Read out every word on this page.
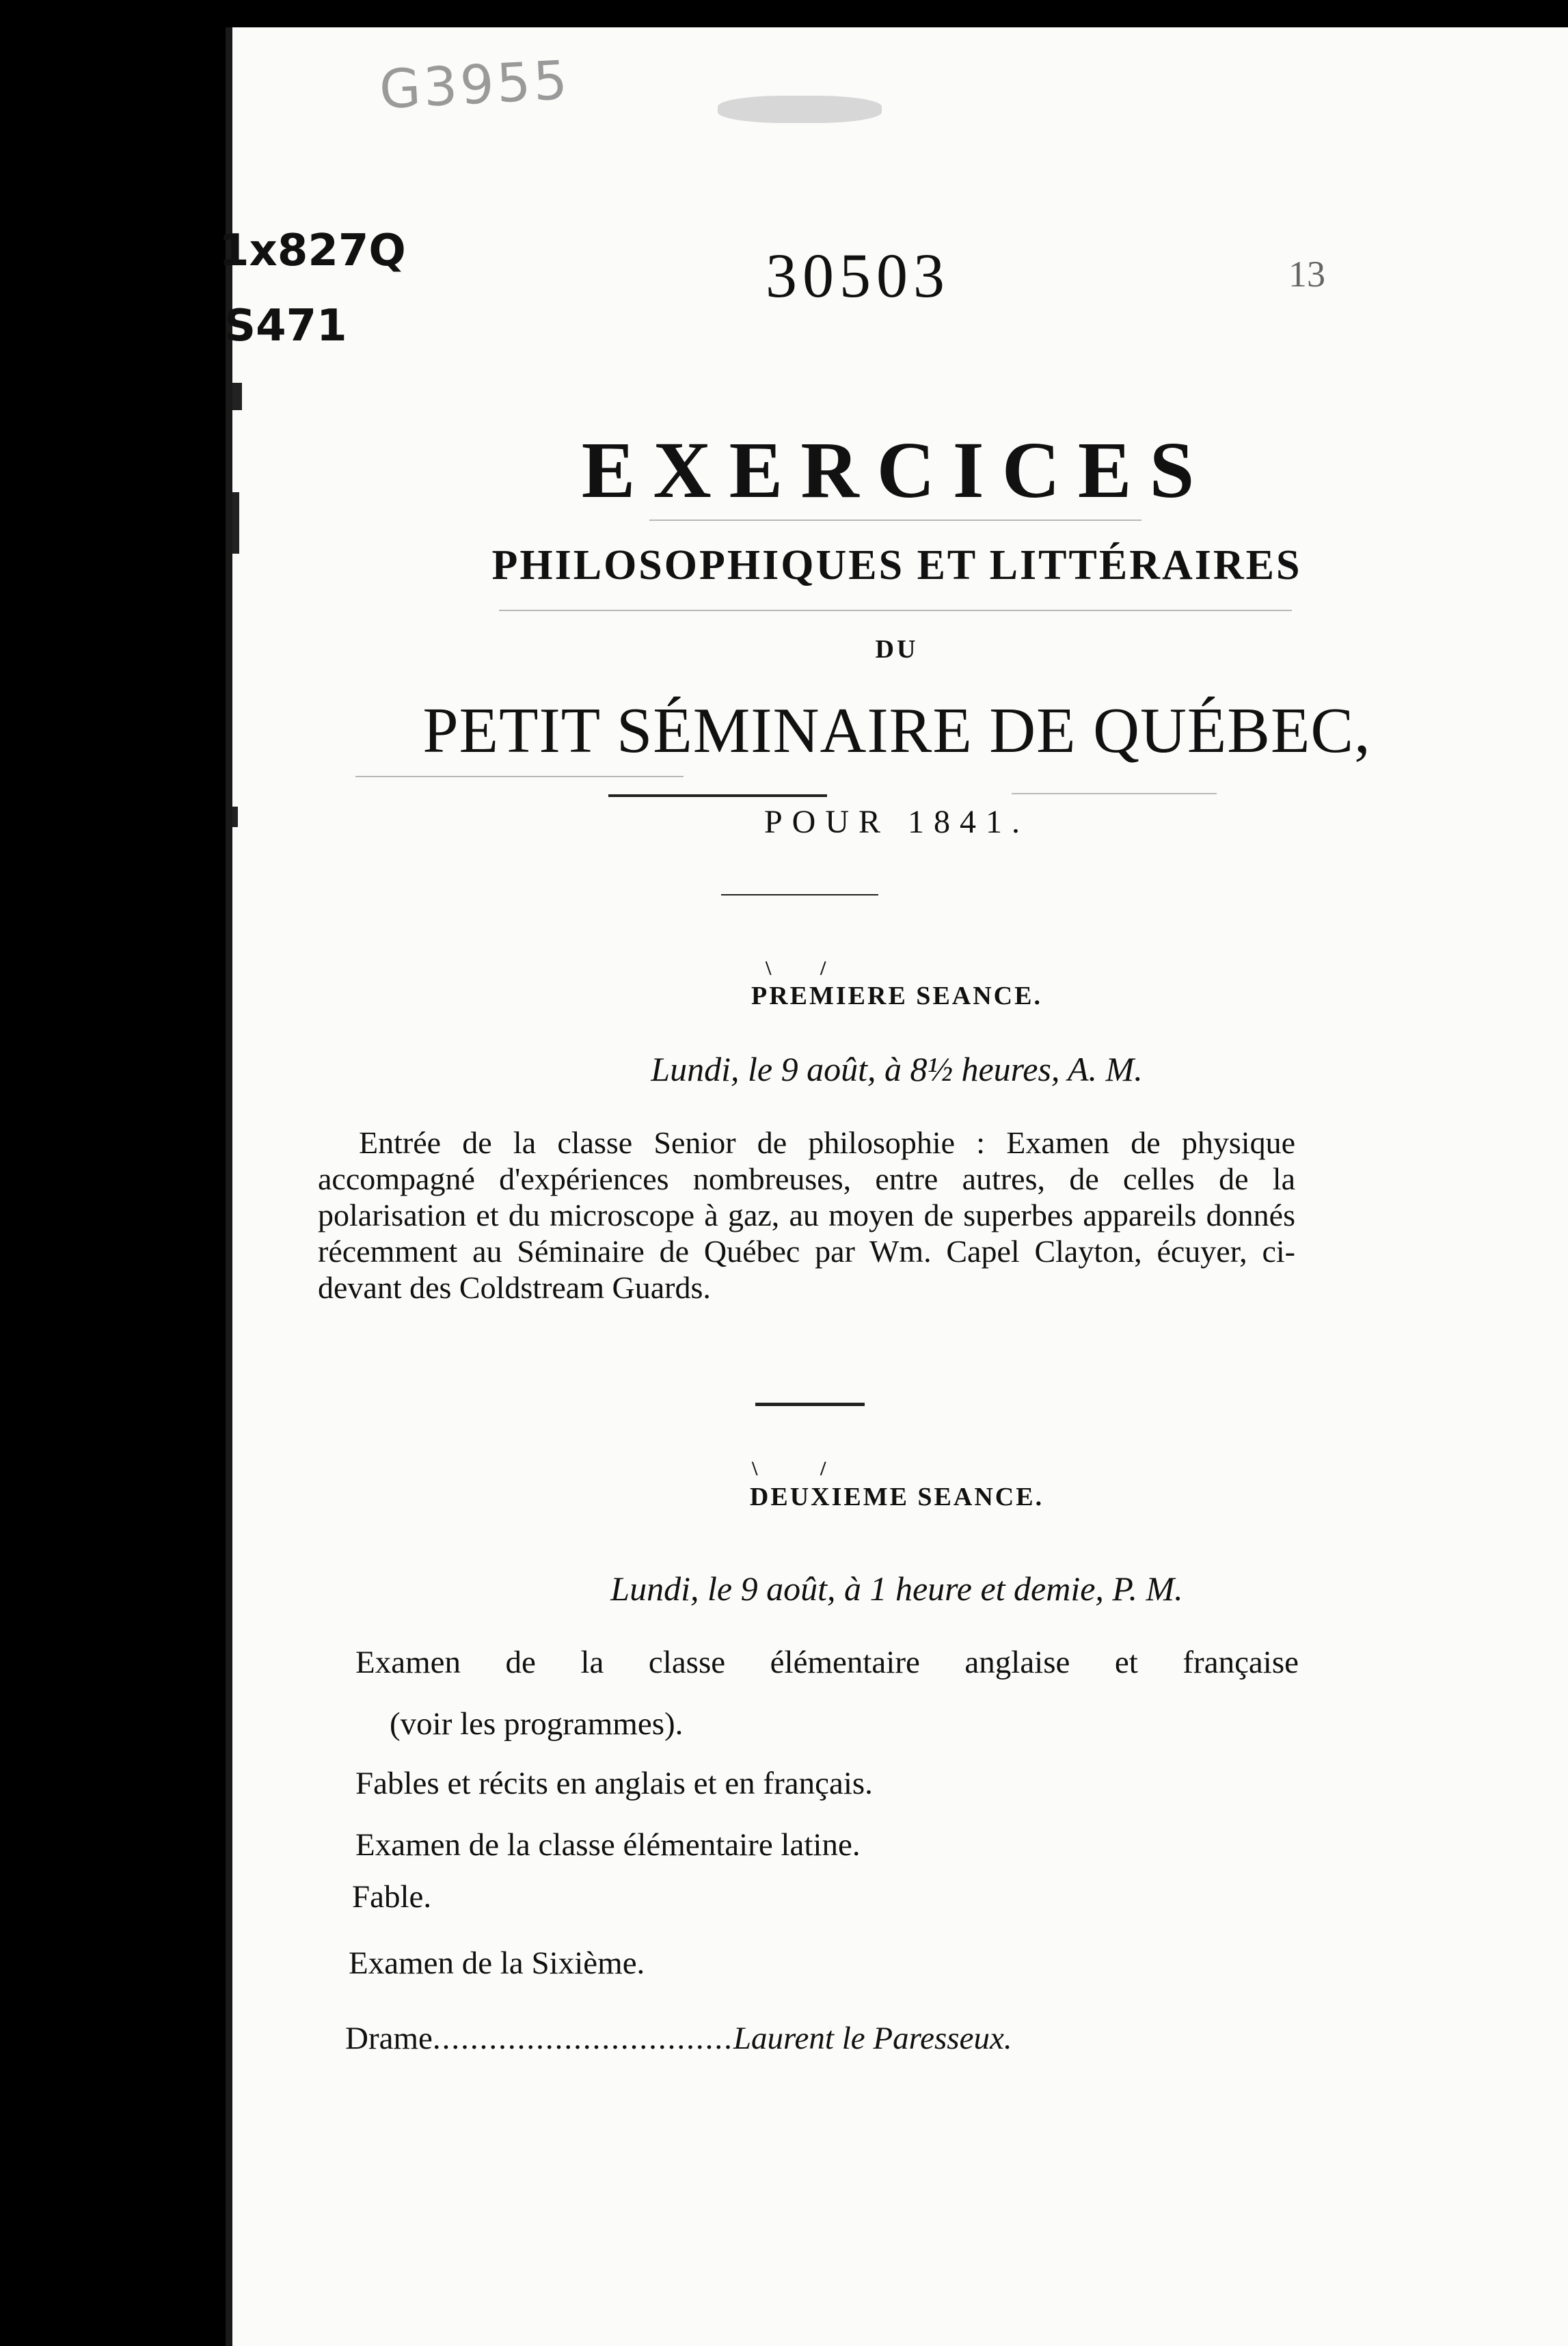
G3955
1x827Q
S471
30503	13
EXERCICES
PHILOSOPHIQUES ET LITTÉRAIRES
DU
PETIT SÉMINAIRE DE QUÉBEC,
POUR 1841.
\ /
PREMIERE SEANCE.
Lundi, le 9 août, à 8½ heures, A. M.
Entrée de la classe Senior de philosophie : Examen de physique accompagné d'expériences nombreuses, entre autres, de celles de la polarisation et du microscope à gaz, au moyen de superbes appareils donnés récemment au Séminaire de Québec par Wm. Capel Clayton, écuyer, ci-devant des Coldstream Guards.
\	/
DEUXIEME SEANCE.
Lundi, le 9 août, à 1 heure et demie, P. M.
Examen de la classe élémentaire anglaise et française
(voir les programmes).
Fables et récits en anglais et en français.
Examen de la classe élémentaire latine.
Fable.
Examen de la Sixième.
Drame................................Laurent le Paresseux.
